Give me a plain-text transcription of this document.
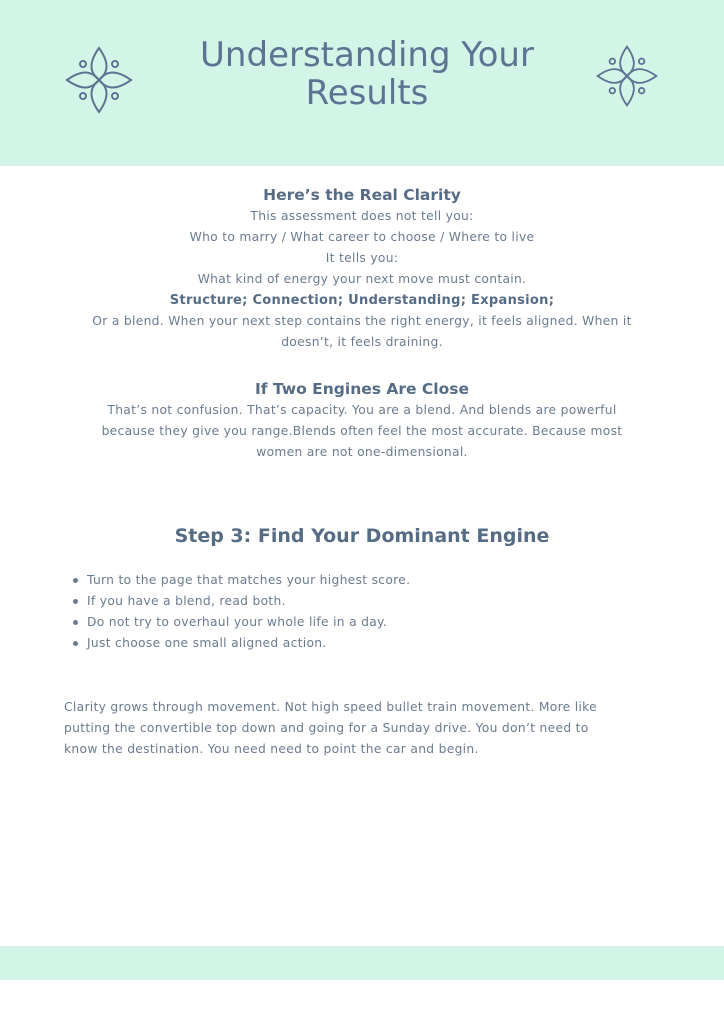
Understanding Your Results

Here’s the Real Clarity

This assessment does not tell you:

Who to marry / What career to choose / Where to live

It tells you:

What kind of energy your next move must contain.

Structure; Connection; Understanding; Expansion;

Or a blend. When your next step contains the right energy, it feels aligned. When it

doesn’t, it feels draining.

If Two Engines Are Close

That’s not confusion. That’s capacity. You are a blend. And blends are powerful

because they give you range.Blends often feel the most accurate. Because most

women are not one-dimensional.

Step 3: Find Your Dominant Engine
Turn to the page that matches your highest score.
If you have a blend, read both.
Do not try to overhaul your whole life in a day.
Just choose one small aligned action.
Clarity grows through movement. Not high speed bullet train movement. More like
putting the convertible top down and going for a Sunday drive. You don’t need to
know the destination. You need need to point the car and begin.
